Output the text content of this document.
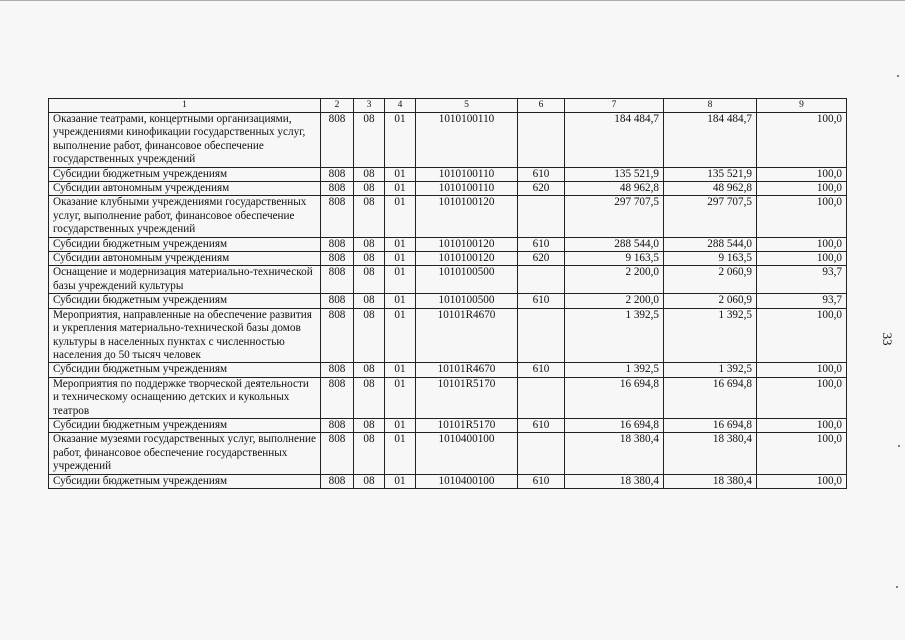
33
1	2	3	4	5	6	7	8	9
Оказание театрами, концертными организациями, учреждениями кинофикации государственных услуг, выполнение работ, финансовое обеспечение государственных учреждений	808	08	01	1010100110		184 484,7	184 484,7	100,0
Субсидии бюджетным учреждениям	808	08	01	1010100110	610	135 521,9	135 521,9	100,0
Субсидии автономным учреждениям	808	08	01	1010100110	620	48 962,8	48 962,8	100,0
Оказание клубными учреждениями государственных услуг, выполнение работ, финансовое обеспечение государственных учреждений	808	08	01	1010100120		297 707,5	297 707,5	100,0
Субсидии бюджетным учреждениям	808	08	01	1010100120	610	288 544,0	288 544,0	100,0
Субсидии автономным учреждениям	808	08	01	1010100120	620	9 163,5	9 163,5	100,0
Оснащение и модернизация материально-технической базы учреждений культуры	808	08	01	1010100500		2 200,0	2 060,9	93,7
Субсидии бюджетным учреждениям	808	08	01	1010100500	610	2 200,0	2 060,9	93,7
Мероприятия, направленные на обеспечение развития и укрепления материально-технической базы домов культуры в населенных пунктах с численностью населения до 50 тысяч человек	808	08	01	10101R4670		1 392,5	1 392,5	100,0
Субсидии бюджетным учреждениям	808	08	01	10101R4670	610	1 392,5	1 392,5	100,0
Мероприятия по поддержке творческой деятельности и техническому оснащению детских и кукольных театров	808	08	01	10101R5170		16 694,8	16 694,8	100,0
Субсидии бюджетным учреждениям	808	08	01	10101R5170	610	16 694,8	16 694,8	100,0
Оказание музеями государственных услуг, выполнение работ, финансовое обеспечение государственных учреждений	808	08	01	1010400100		18 380,4	18 380,4	100,0
Субсидии бюджетным учреждениям	808	08	01	1010400100	610	18 380,4	18 380,4	100,0
